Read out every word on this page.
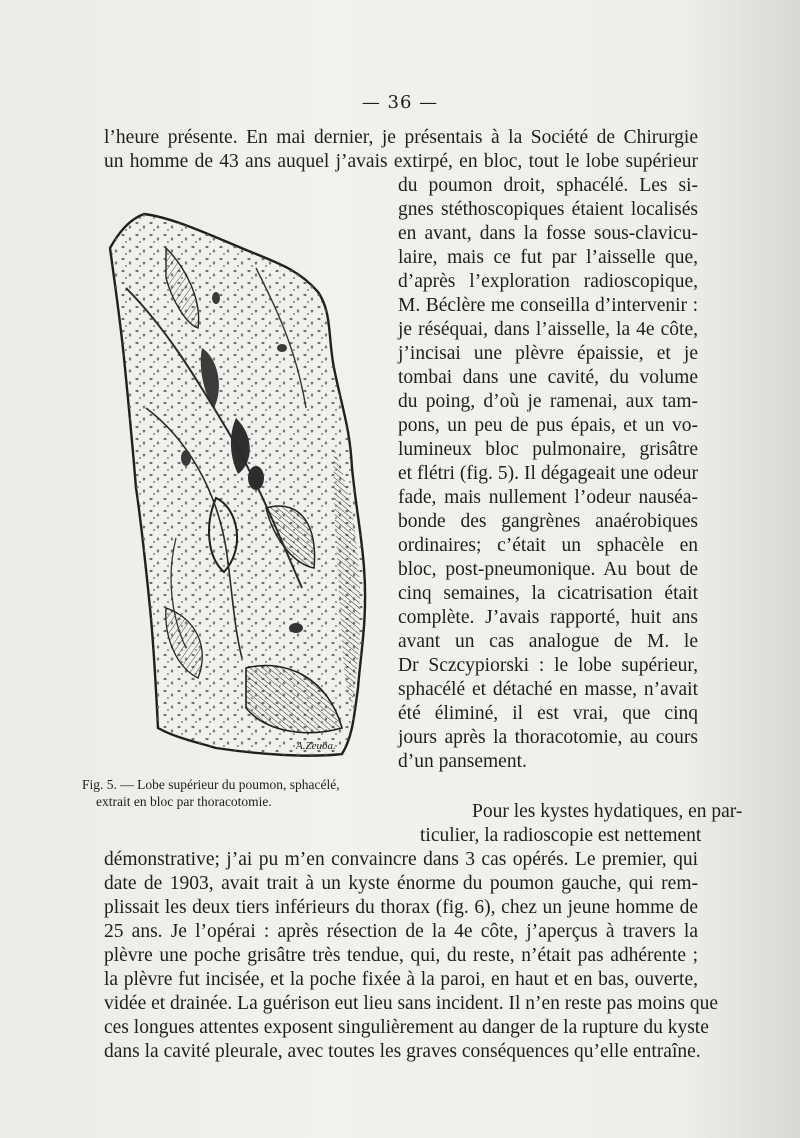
— 36 —
l’heure présente. En mai dernier, je présentais à la Société de Chirurgie
un homme de 43 ans auquel j’avais extirpé, en bloc, tout le lobe supérieur
du poumon droit, sphacélé. Les si-
gnes stéthoscopiques étaient localisés
en avant, dans la fosse sous-clavicu-
laire, mais ce fut par l’aisselle que,
d’après l’exploration radioscopique,
M. Béclère me conseilla d’intervenir :
je réséquai, dans l’aisselle, la 4e côte,
j’incisai une plèvre épaissie, et je
tombai dans une cavité, du volume
du poing, d’où je ramenai, aux tam-
pons, un peu de pus épais, et un vo-
lumineux bloc pulmonaire, grisâtre
et flétri (fig. 5). Il dégageait une odeur
fade, mais nullement l’odeur nauséa-
bonde des gangrènes anaérobiques
ordinaires; c’était un sphacèle en
bloc, post-pneumonique. Au bout de
cinq semaines, la cicatrisation était
complète. J’avais rapporté, huit ans
avant un cas analogue de M. le
Dr Sczcypiorski : le lobe supérieur,
sphacélé et détaché en masse, n’avait
été éliminé, il est vrai, que cinq
jours après la thoracotomie, au cours
d’un pansement.
Pour les kystes hydatiques, en par-
ticulier, la radioscopie est nettement
démonstrative; j’ai pu m’en convaincre dans 3 cas opérés. Le premier, qui
date de 1903, avait trait à un kyste énorme du poumon gauche, qui rem-
plissait les deux tiers inférieurs du thorax (fig. 6), chez un jeune homme de
25 ans. Je l’opérai : après résection de la 4e côte, j’aperçus à travers la
plèvre une poche grisâtre très tendue, qui, du reste, n’était pas adhérente ;
la plèvre fut incisée, et la poche fixée à la paroi, en haut et en bas, ouverte,
vidée et drainée. La guérison eut lieu sans incident. Il n’en reste pas moins que
ces longues attentes exposent singulièrement au danger de la rupture du kyste
dans la cavité pleurale, avec toutes les graves conséquences qu’elle entraîne.
A.Zeuba.
Fig. 5. — Lobe supérieur du poumon, sphacélé,
extrait en bloc par thoracotomie.
